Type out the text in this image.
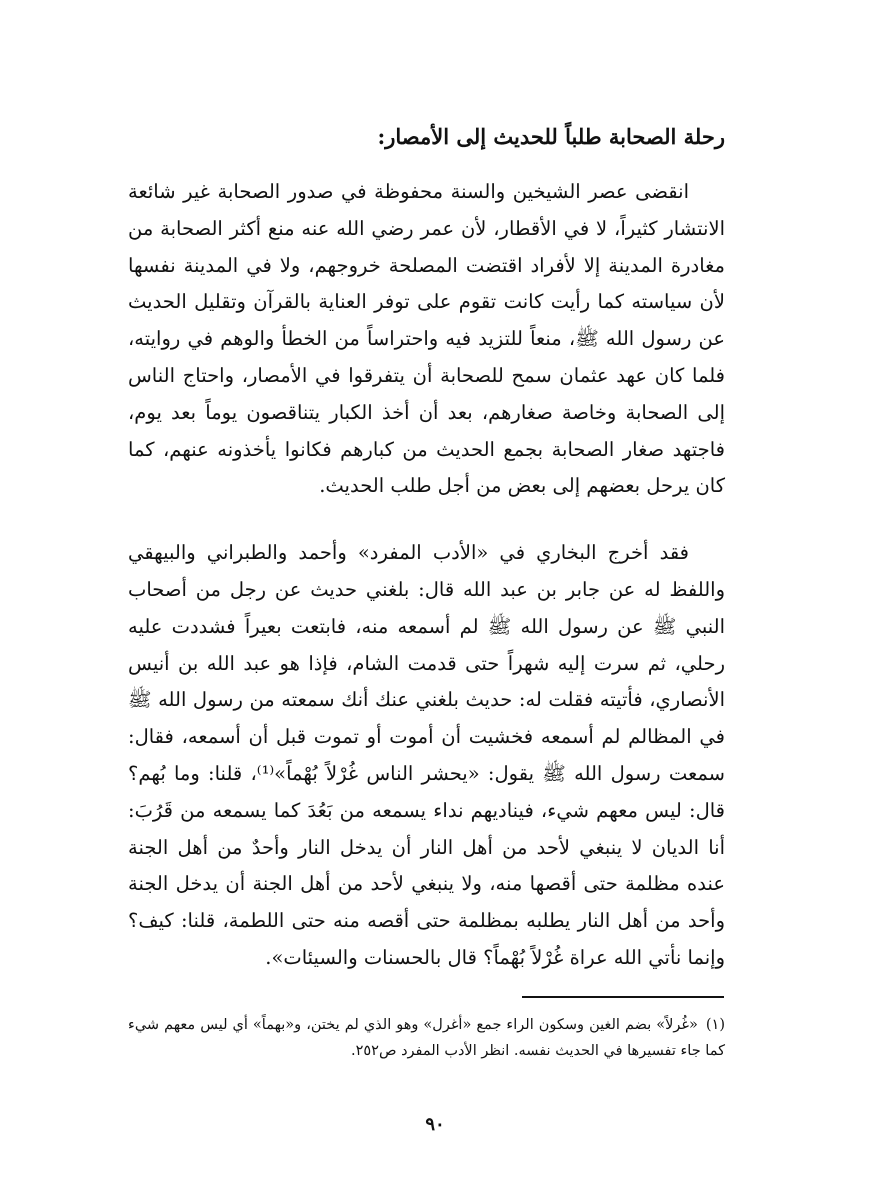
رحلة الصحابة طلباً للحديث إلى الأمصار:

انقضى عصر الشيخين والسنة محفوظة في صدور الصحابة غير شائعة الانتشار كثيراً، لا في الأقطار، لأن عمر رضي الله عنه منع أكثر الصحابة من مغادرة المدينة إلا لأفراد اقتضت المصلحة خروجهم، ولا في المدينة نفسها لأن سياسته كما رأيت كانت تقوم على توفر العناية بالقرآن وتقليل الحديث عن رسول الله ﷺ، منعاً للتزيد فيه واحتراساً من الخطأ والوهم في روايته، فلما كان عهد عثمان سمح للصحابة أن يتفرقوا في الأمصار، واحتاج الناس إلى الصحابة وخاصة صغارهم، بعد أن أخذ الكبار يتناقصون يوماً بعد يوم، فاجتهد صغار الصحابة بجمع الحديث من كبارهم فكانوا يأخذونه عنهم، كما كان يرحل بعضهم إلى بعض من أجل طلب الحديث.

فقد أخرج البخاري في «الأدب المفرد» وأحمد والطبراني والبيهقي واللفظ له عن جابر بن عبد الله قال: بلغني حديث عن رجل من أصحاب النبي ﷺ عن رسول الله ﷺ لم أسمعه منه، فابتعت بعيراً فشددت عليه رحلي، ثم سرت إليه شهراً حتى قدمت الشام، فإذا هو عبد الله بن أنيس الأنصاري، فأتيته فقلت له: حديث بلغني عنك أنك سمعته من رسول الله ﷺ في المظالم لم أسمعه فخشيت أن أموت أو تموت قبل أن أسمعه، فقال: سمعت رسول الله ﷺ يقول: «يحشر الناس غُرْلاً بُهْماً»⁽¹⁾، قلنا: وما بُهم؟ قال: ليس معهم شيء، فيناديهم نداء يسمعه من بَعُدَ كما يسمعه من قَرُبَ: أنا الديان لا ينبغي لأحد من أهل النار أن يدخل النار وأحدٌ من أهل الجنة عنده مظلمة حتى أقصها منه، ولا ينبغي لأحد من أهل الجنة أن يدخل الجنة وأحد من أهل النار يطلبه بمظلمة حتى أقصه منه حتى اللطمة، قلنا: كيف؟ وإنما نأتي الله عراة غُرْلاً بُهْماً؟ قال بالحسنات والسيئات».

(١)«غُرلاً» بضم الغين وسكون الراء جمع «أغرل» وهو الذي لم يختن، و«بهماً» أي ليس معهم شيء كما جاء تفسيرها في الحديث نفسه. انظر الأدب المفرد ص٢٥٢.
٩٠
